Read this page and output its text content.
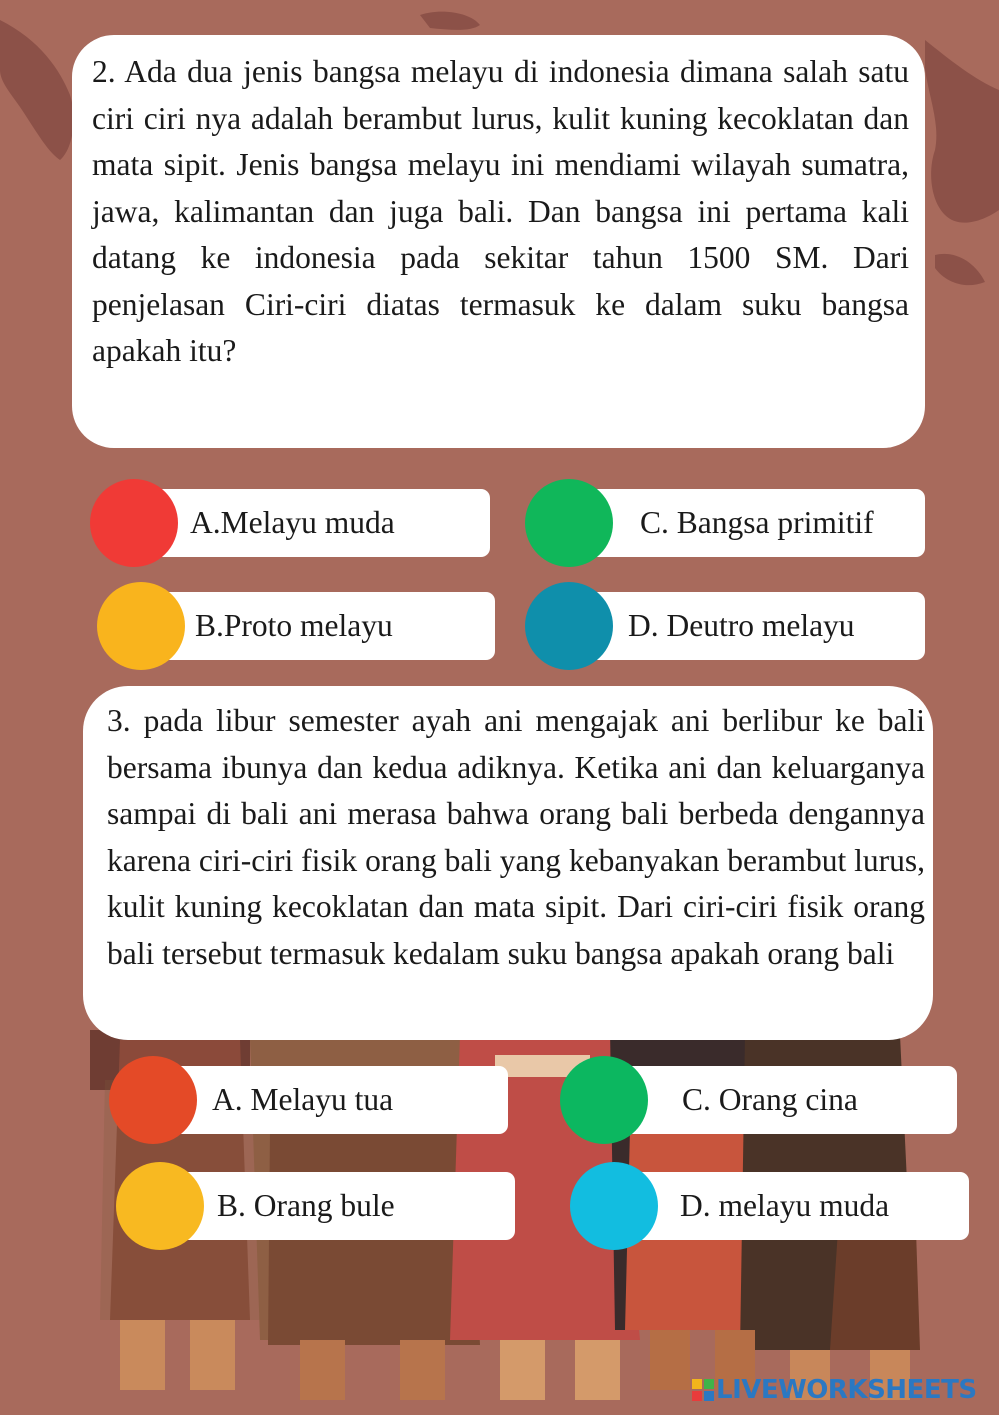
2. Ada dua jenis bangsa melayu di indonesia dimana salah satu ciri ciri nya adalah berambut lurus, kulit kuning kecoklatan dan mata sipit. Jenis bangsa melayu ini mendiami wilayah sumatra, jawa, kalimantan dan juga bali. Dan bangsa ini pertama kali datang ke indonesia pada sekitar tahun 1500 SM. Dari penjelasan Ciri-ciri diatas termasuk ke dalam suku bangsa apakah itu?
A.Melayu muda	C. Bangsa primitif
B.Proto melayu	D. Deutro melayu
3. pada libur semester ayah ani mengajak ani berlibur ke bali bersama ibunya dan kedua adiknya. Ketika ani dan keluarganya sampai di bali ani merasa bahwa orang bali berbeda dengannya karena ciri-ciri fisik orang bali yang kebanyakan berambut lurus, kulit kuning kecoklatan dan mata sipit. Dari ciri-ciri fisik orang bali tersebut termasuk kedalam suku bangsa apakah orang bali
A. Melayu tua	C. Orang cina
B. Orang bule	D. melayu muda
LIVEWORKSHEETS
